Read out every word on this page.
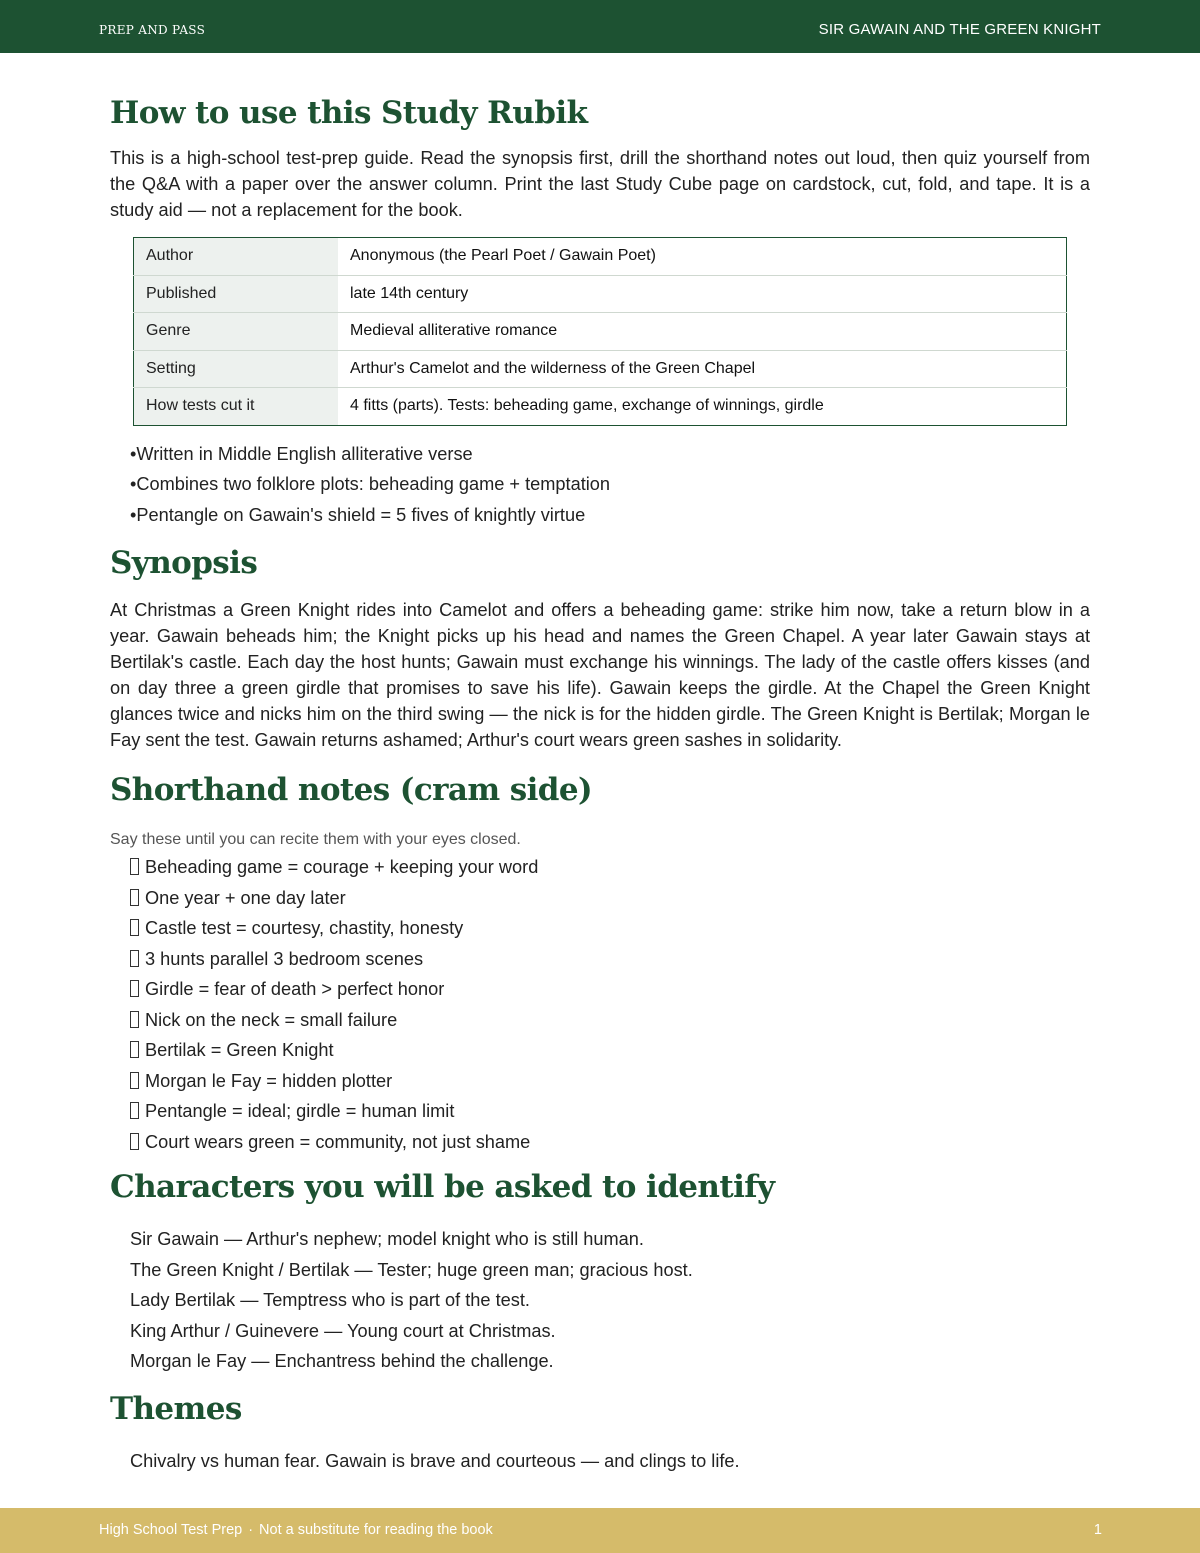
PREP AND PASS	SIR GAWAIN AND THE GREEN KNIGHT
How to use this Study Rubik

This is a high-school test-prep guide. Read the synopsis first, drill the shorthand notes out loud, then quiz yourself from the Q&A with a paper over the answer column. Print the last Study Cube page on cardstock, cut, fold, and tape. It is a study aid — not a replacement for the book.

Author	Anonymous (the Pearl Poet / Gawain Poet)
Published	late 14th century
Genre	Medieval alliterative romance
Setting	Arthur's Camelot and the wilderness of the Green Chapel
How tests cut it	4 fitts (parts). Tests: beheading game, exchange of winnings, girdle
• Written in Middle English alliterative verse
• Combines two folklore plots: beheading game + temptation
• Pentangle on Gawain's shield = 5 fives of knightly virtue
Synopsis

At Christmas a Green Knight rides into Camelot and offers a beheading game: strike him now, take a return blow in a year. Gawain beheads him; the Knight picks up his head and names the Green Chapel. A year later Gawain stays at Bertilak's castle. Each day the host hunts; Gawain must exchange his winnings. The lady of the castle offers kisses (and on day three a green girdle that promises to save his life). Gawain keeps the girdle. At the Chapel the Green Knight glances twice and nicks him on the third swing — the nick is for the hidden girdle. The Green Knight is Bertilak; Morgan le Fay sent the test. Gawain returns ashamed; Arthur's court wears green sashes in solidarity.

Shorthand notes (cram side)

Say these until you can recite them with your eyes closed.

Beheading game = courage + keeping your word
One year + one day later
Castle test = courtesy, chastity, honesty
3 hunts parallel 3 bedroom scenes
Girdle = fear of death > perfect honor
Nick on the neck = small failure
Bertilak = Green Knight
Morgan le Fay = hidden plotter
Pentangle = ideal; girdle = human limit
Court wears green = community, not just shame
Characters you will be asked to identify
Sir Gawain — Arthur's nephew; model knight who is still human.
The Green Knight / Bertilak — Tester; huge green man; gracious host.
Lady Bertilak — Temptress who is part of the test.
King Arthur / Guinevere — Young court at Christmas.
Morgan le Fay — Enchantress behind the challenge.
Themes

Chivalry vs human fear. Gawain is brave and courteous — and clings to life.

High School Test Prep · Not a substitute for reading the book	1
